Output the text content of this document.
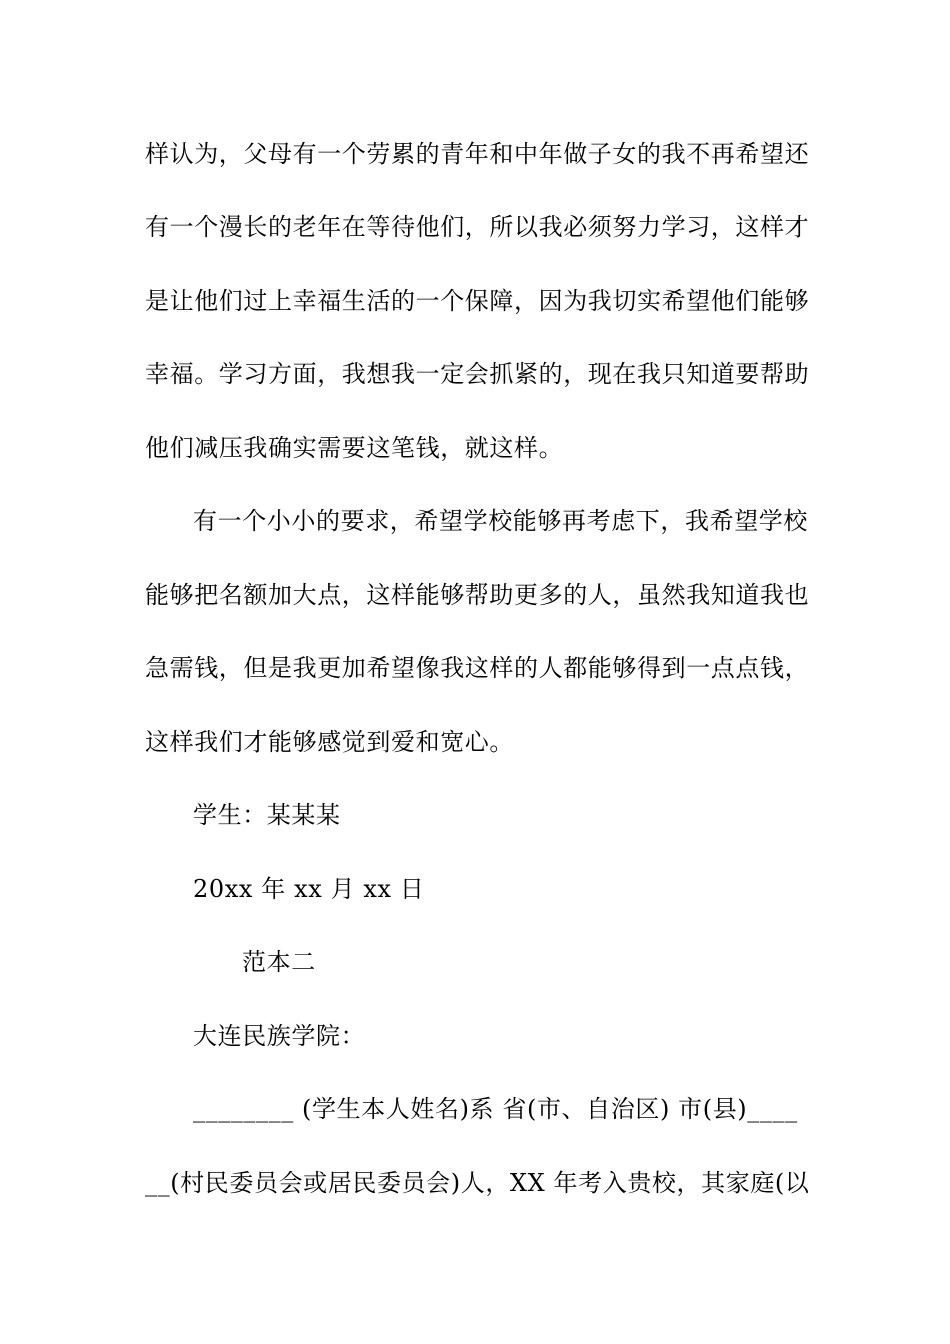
样认为，父母有一个劳累的青年和中年做子女的我不再希望还
有一个漫长的老年在等待他们，所以我必须努力学习，这样才
是让他们过上幸福生活的一个保障，因为我切实希望他们能够
幸福。学习方面，我想我一定会抓紧的，现在我只知道要帮助
他们减压我确实需要这笔钱，就这样。
有一个小小的要求，希望学校能够再考虑下，我希望学校
能够把名额加大点，这样能够帮助更多的人，虽然我知道我也
急需钱，但是我更加希望像我这样的人都能够得到一点点钱，
这样我们才能够感觉到爱和宽心。
学生：某某某
20xx 年 xx 月 xx 日
范本二
大连民族学院：
________ (学生本人姓名)系 省(市、自治区) 市(县)____
__(村民委员会或居民委员会)人，XX 年考入贵校，其家庭(以
